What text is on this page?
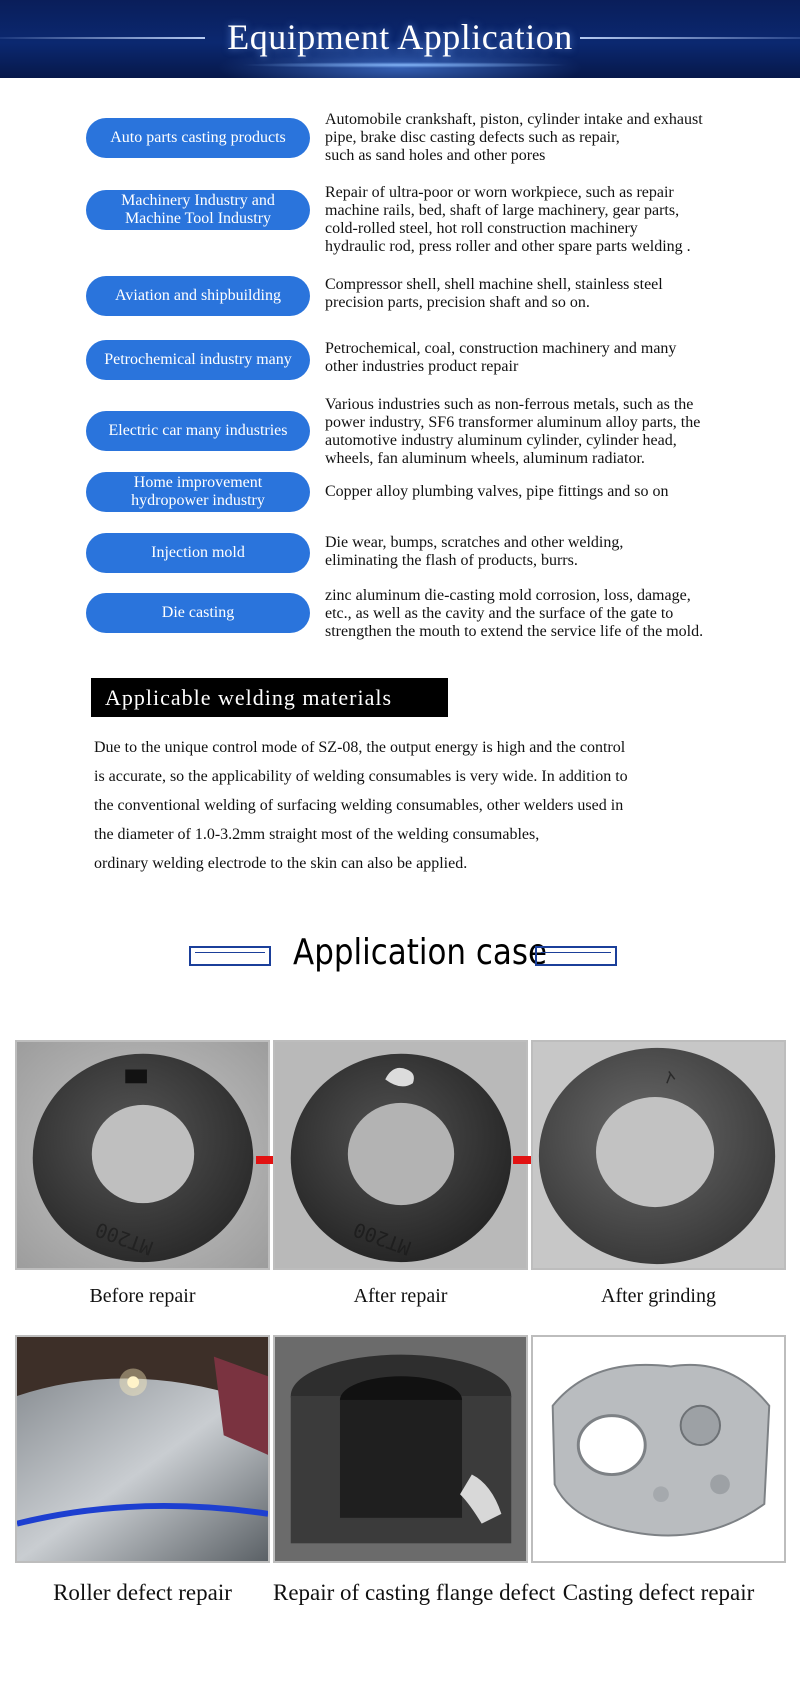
Equipment Application
Auto parts casting products
Automobile crankshaft, piston, cylinder intake and exhaust
pipe, brake disc casting defects such as repair,
such as sand holes and other pores
Machinery Industry and Machine Tool Industry
Repair of ultra-poor or worn workpiece, such as repair
machine rails, bed, shaft of large machinery, gear parts,
cold-rolled steel, hot roll construction machinery
hydraulic rod, press roller and other spare parts welding .
Aviation and shipbuilding
Compressor shell, shell machine shell, stainless steel
precision parts, precision shaft and so on.
Petrochemical industry many
Petrochemical, coal, construction machinery and many
other industries product repair
Electric car many industries
Various industries such as non-ferrous metals, such as the
power industry, SF6 transformer aluminum alloy parts, the
automotive industry aluminum cylinder, cylinder head,
wheels, fan aluminum wheels, aluminum radiator.
Home improvement hydropower industry
Copper alloy plumbing valves, pipe fittings and so on
Injection mold
Die wear, bumps, scratches and other welding,
eliminating the flash of products, burrs.
Die casting
zinc aluminum die-casting mold corrosion, loss, damage,
etc., as well as the cavity and the surface of the gate to
strengthen the mouth to extend the service life of the mold.
Applicable welding materials
Due to the unique control mode of SZ-08, the output energy is high and the control
is accurate, so the applicability of welding consumables is very wide. In addition to
the conventional welding of surfacing welding consumables, other welders used in
the diameter of 1.0-3.2mm straight most of the welding consumables,
ordinary welding electrode to the skin can also be applied.
Application case
MT200	MT200
Before repair	After repair	After grinding
Roller defect repair	Repair of casting flange defect Casting defect repair
